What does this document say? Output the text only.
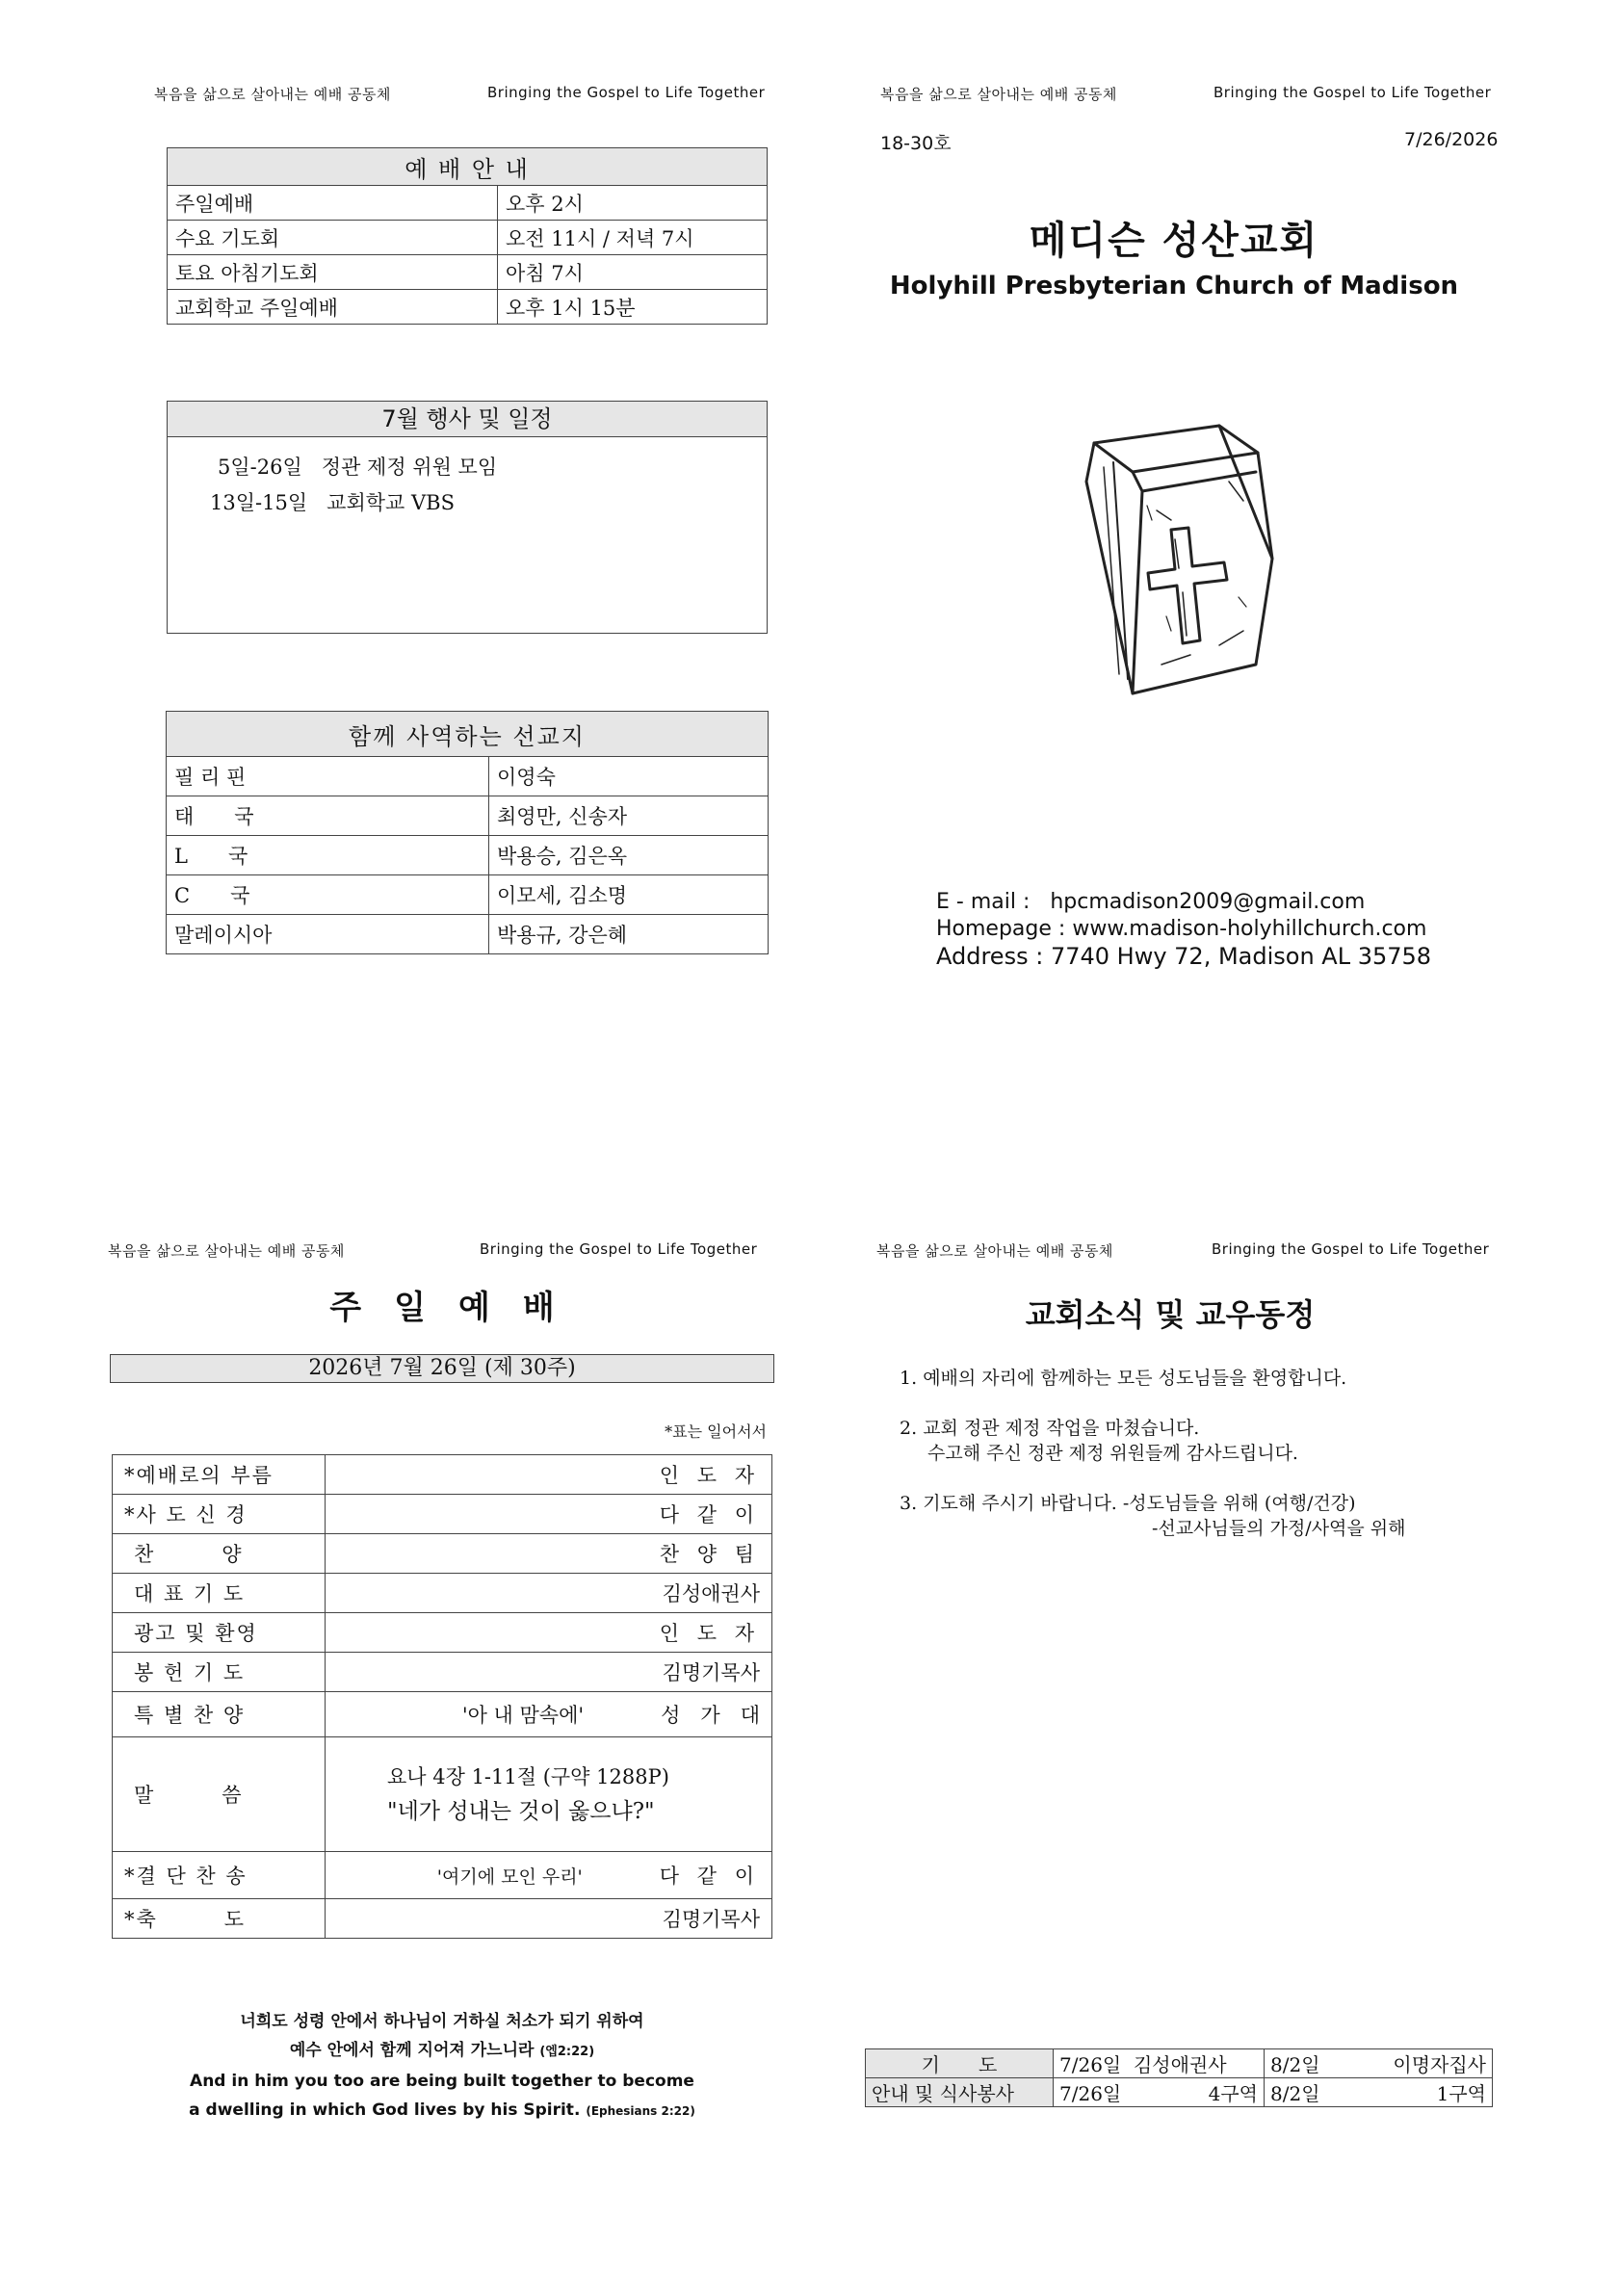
복음을 삶으로 살아내는 예배 공동체	Bringing the Gospel to Life Together	복음을 삶으로 살아내는 예배 공동체	Bringing the Gospel to Life Together
복음을 삶으로 살아내는 예배 공동체	Bringing the Gospel to Life Together	복음을 삶으로 살아내는 예배 공동체	Bringing the Gospel to Life Together
예 배 안 내	
주일예배	오후 2시
수요 기도회	오전 11시 / 저녁 7시
토요 아침기도회	아침 7시
교회학교 주일예배	오후 1시 15분
7월 행사 및 일정
5일-26일 정관 제정 위원 모임
13일-15일 교회학교 VBS
함께 사역하는 선교지	
필 리 핀	이영숙
태　　국	최영만, 신송자
L　　국	박용승, 김은옥
C　　국	이모세, 김소명
말레이시아	박용규, 강은혜
18-30호	7/26/2026
메디슨 성산교회
Holyhill Presbyterian Church of Madison
E - mail : hpcmadison2009@gmail.com
Homepage : www.madison-holyhillchurch.com
Address : 7740 Hwy 72, Madison AL 35758
주　일　예　배
2026년 7월 26일 (제 30주)
*표는 일어서서
*예배로의 부름	인 도 자
*사 도 신 경	다 같 이
찬　　　양	찬 양 팀
대 표 기 도	김성애권사
광고 및 환영	인 도 자
봉 헌 기 도	김명기목사
특 별 찬 양	'아 내 맘속에' 성　가　대
말　　　씀	요나 4장 1-11절 (구약 1288P)
"네가 성내는 것이 옳으냐?"

*결 단 찬 송	'여기에 모인 우리' 다 같 이
*축　　　도	김명기목사
너희도 성령 안에서 하나님이 거하실 처소가 되기 위하여
예수 안에서 함께 지어져 가느니라 (엡2:22)
And in him you too are being built together to become
a dwelling in which God lives by his Spirit. (Ephesians 2:22)
교회소식 및 교우동정
1. 예배의 자리에 함께하는 모든 성도님들을 환영합니다.
2. 교회 정관 제정 작업을 마쳤습니다.
수고해 주신 정관 제정 위원들께 감사드립니다.
3. 기도해 주시기 바랍니다. -성도님들을 위해 (여행/건강)
-선교사님들의 가정/사역을 위해
기　　도	7/26일 김성애권사	8/2일 이명자집사

안내 및 식사봉사	7/26일 4구역	8/2일 1구역
